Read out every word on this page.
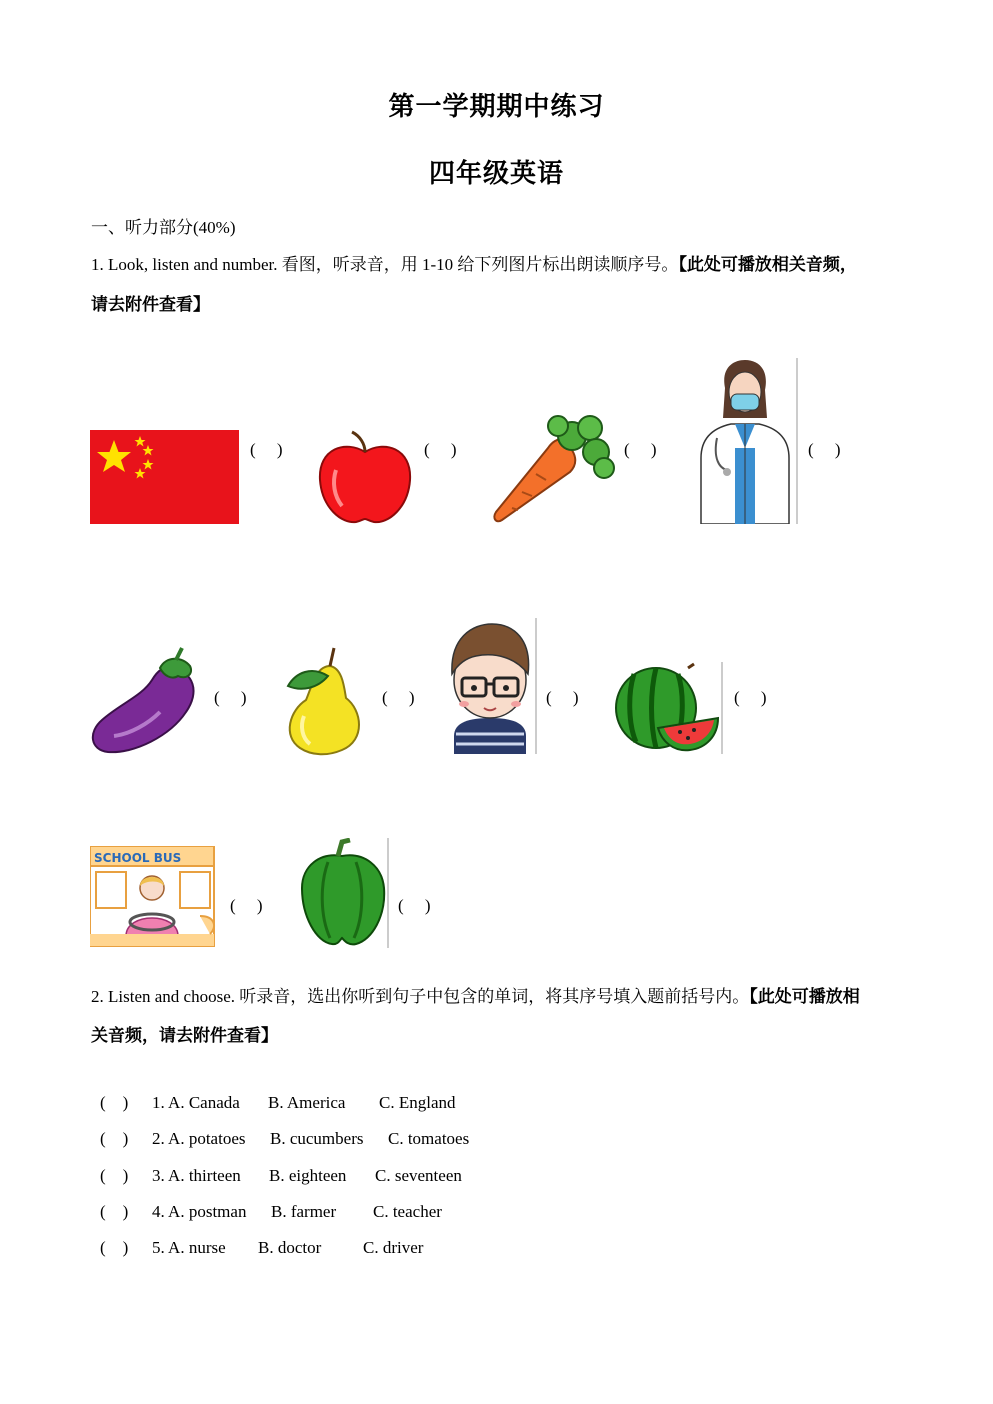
第一学期期中练习
四年级英语
一、听力部分(40%)
1. Look, listen and number. 看图，听录音，用 1-10 给下列图片标出朗读顺序号。【此处可播放相关音频，
请去附件查看】
(     )	(     )	(     )	(     )
(     )	(     )	(     )	(     )
SCHOOL BUS
(     )	(     )
2. Listen and choose. 听录音，选出你听到句子中包含的单词，将其序号填入题前括号内。【此处可播放相
关音频，请去附件查看】
(    ) 1. A. Canada B. America C. England
(    ) 2. A. potatoes B. cucumbers C. tomatoes
(    ) 3. A. thirteen B. eighteen C. seventeen
(    ) 4. A. postman B. farmer C. teacher
(    ) 5. A. nurse B. doctor C. driver
